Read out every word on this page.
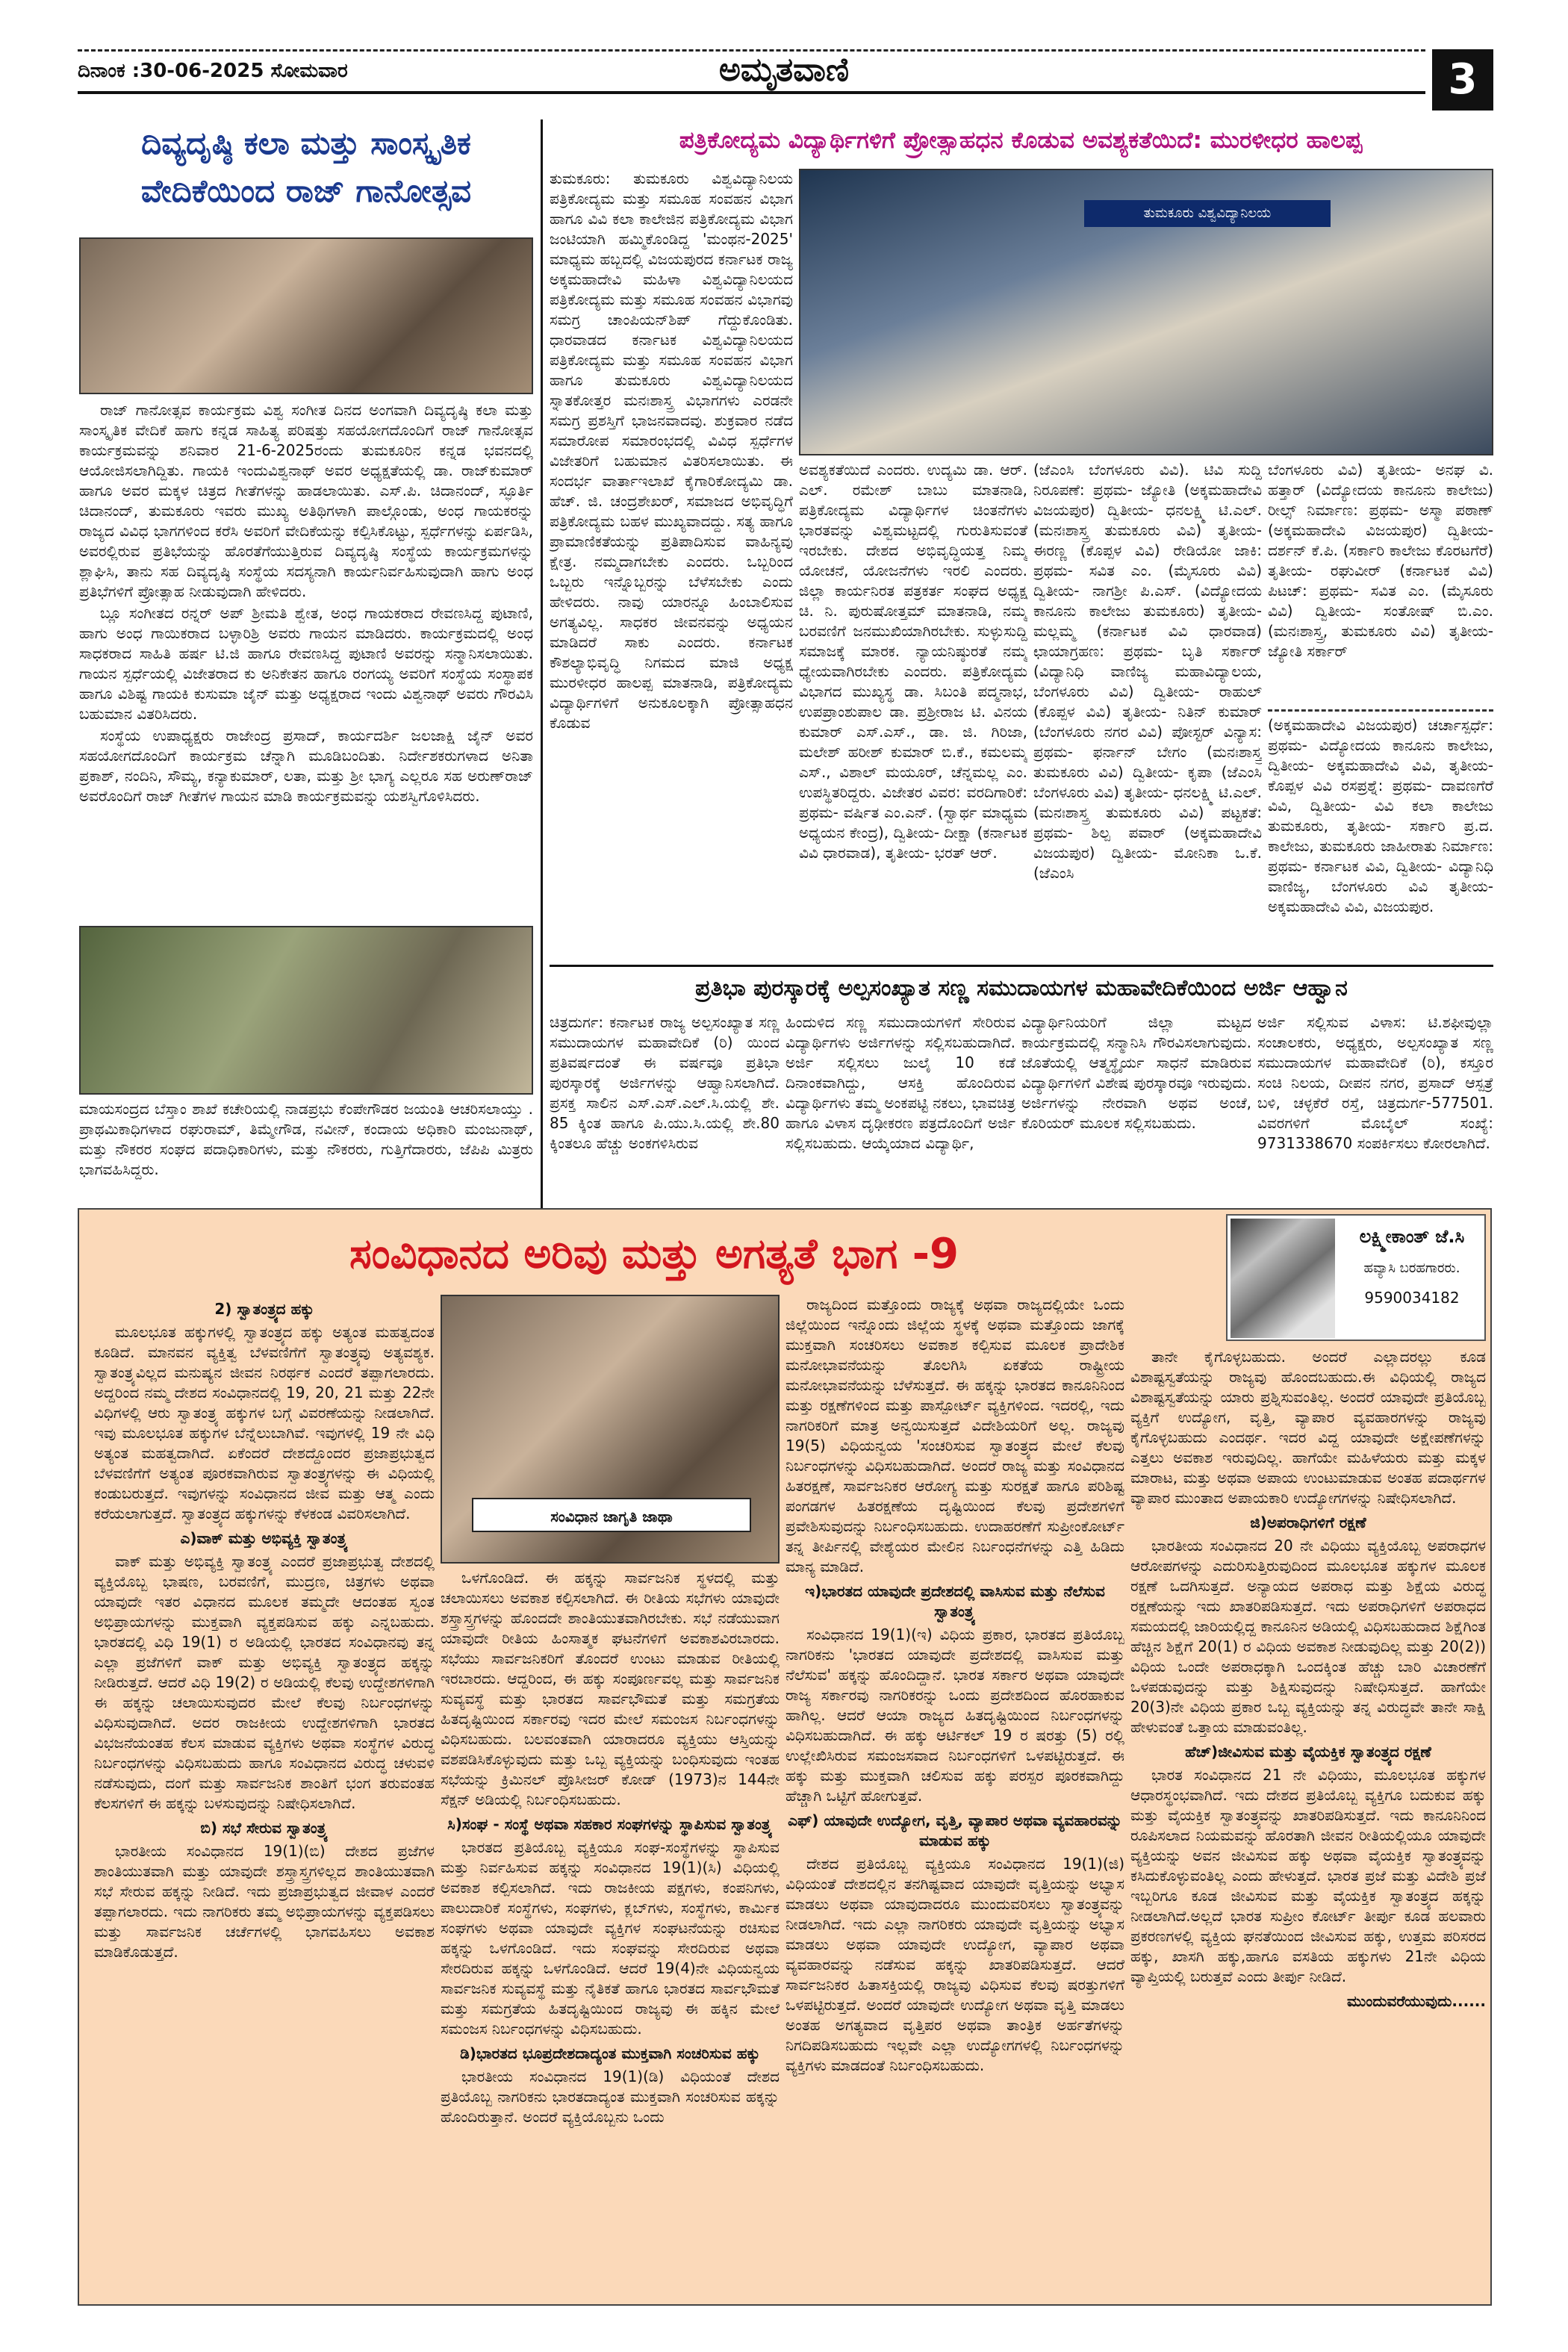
ದಿನಾಂಕ :30-06-2025 ಸೋಮವಾರ	ಅಮೃತವಾಣಿ	3
ದಿವ್ಯದೃಷ್ಠಿ ಕಲಾ ಮತ್ತು ಸಾಂಸ್ಕೃತಿಕ ವೇದಿಕೆಯಿಂದ ರಾಜ್ ಗಾನೋತ್ಸವ

ರಾಜ್ ಗಾನೋತ್ಸವ ಕಾರ್ಯಕ್ರಮ ವಿಶ್ವ ಸಂಗೀತ ದಿನದ ಅಂಗವಾಗಿ ದಿವ್ಯದೃಷ್ಠಿ ಕಲಾ ಮತ್ತು ಸಾಂಸ್ಕೃತಿಕ ವೇದಿಕೆ ಹಾಗು ಕನ್ನಡ ಸಾಹಿತ್ಯ ಪರಿಷತ್ತು ಸಹಯೋಗದೊಂದಿಗೆ ರಾಜ್ ಗಾನೋತ್ಸವ ಕಾರ್ಯಕ್ರಮವನ್ನು ಶನಿವಾರ 21-6-2025ರಂದು ತುಮಕೂರಿನ ಕನ್ನಡ ಭವನದಲ್ಲಿ ಆಯೋಜಿಸಲಾಗಿದ್ದಿತು. ಗಾಯಕಿ ಇಂದುವಿಶ್ವನಾಥ್ ಅವರ ಅಧ್ಯಕ್ಷತೆಯಲ್ಲಿ ಡಾ. ರಾಜ್‌ಕುಮಾರ್ ಹಾಗೂ ಅವರ ಮಕ್ಕಳ ಚಿತ್ರದ ಗೀತೆಗಳನ್ನು ಹಾಡಲಾಯಿತು. ಎಸ್.ಪಿ. ಚಿದಾನಂದ್, ಸ್ಫೂರ್ತಿ ಚಿದಾನಂದ್, ತುಮಕೂರು ಇವರು ಮುಖ್ಯ ಅತಿಥಿಗಳಾಗಿ ಪಾಲ್ಗೊಂಡು, ಅಂಧ ಗಾಯಕರನ್ನು ರಾಜ್ಯದ ವಿವಿಧ ಭಾಗಗಳಿಂದ ಕರೆಸಿ ಅವರಿಗೆ ವೇದಿಕೆಯನ್ನು ಕಲ್ಪಿಸಿಕೊಟ್ಟು, ಸ್ಪರ್ಧೆಗಳನ್ನು ಏರ್ಪಡಿಸಿ, ಅವರಲ್ಲಿರುವ ಪ್ರತಿಭೆಯನ್ನು ಹೊರತೆಗೆಯುತ್ತಿರುವ ದಿವ್ಯದೃಷ್ಠಿ ಸಂಸ್ಥೆಯ ಕಾರ್ಯಕ್ರಮಗಳನ್ನು ಶ್ಲಾಘಿಸಿ, ತಾನು ಸಹ ದಿವ್ಯದೃಷ್ಠಿ ಸಂಸ್ಥೆಯ ಸದಸ್ಯನಾಗಿ ಕಾರ್ಯನಿರ್ವಹಿಸುವುದಾಗಿ ಹಾಗು ಅಂಧ ಪ್ರತಿಭೆಗಳಿಗೆ ಪ್ರೋತ್ಸಾಹ ನೀಡುವುದಾಗಿ ಹೇಳಿದರು.

ಬ್ಲೂ ಸಂಗೀತದ ರನ್ನರ್ ಅಪ್ ಶ್ರೀಮತಿ ಶ್ವೇತ, ಅಂಧ ಗಾಯಕರಾದ ರೇವಣಸಿದ್ದ ಪುಟಾಣಿ, ಹಾಗು ಅಂಧ ಗಾಯಿಕರಾದ ಬಳ್ಳಾರಿಶ್ರಿ ಅವರು ಗಾಯನ ಮಾಡಿದರು. ಕಾರ್ಯಕ್ರಮದಲ್ಲಿ ಅಂಧ ಸಾಧಕರಾದ ಸಾಹಿತಿ ಹರ್ಷ ಟಿ.ಜಿ ಹಾಗೂ ರೇವಣಸಿದ್ದ ಪುಟಾಣಿ ಅವರನ್ನು ಸನ್ಮಾನಿಸಲಾಯಿತು. ಗಾಯನ ಸ್ಪರ್ಧೆಯಲ್ಲಿ ವಿಜೇತರಾದ ಕು ಅನಿಕೇತನ ಹಾಗೂ ರಂಗಯ್ಯ ಅವರಿಗೆ ಸಂಸ್ಥೆಯ ಸಂಸ್ಥಾಪಕ ಹಾಗೂ ವಿಶಿಷ್ಟ ಗಾಯಕಿ ಕುಸುಮಾ ಜೈನ್ ಮತ್ತು ಅಧ್ಯಕ್ಷರಾದ ಇಂದು ವಿಶ್ವನಾಥ್ ಅವರು ಗೌರವಿಸಿ ಬಹುಮಾನ ವಿತರಿಸಿದರು.

ಸಂಸ್ಥೆಯ ಉಪಾಧ್ಯಕ್ಷರು ರಾಜೇಂದ್ರ ಪ್ರಸಾದ್, ಕಾರ್ಯದರ್ಶಿ ಜಲಜಾಕ್ಷಿ ಜೈನ್ ಅವರ ಸಹಯೋಗದೊಂದಿಗೆ ಕಾರ್ಯಕ್ರಮ ಚೆನ್ನಾಗಿ ಮೂಡಿಬಂದಿತು. ನಿರ್ದೇಶಕರುಗಳಾದ ಅನಿತಾ ಪ್ರಕಾಶ್, ನಂದಿನಿ, ಸೌಮ್ಯ, ಕನ್ಯಾಕುಮಾರ್, ಲತಾ, ಮತ್ತು ಶ್ರೀ ಭಾಗ್ಯ ಎಲ್ಲರೂ ಸಹ ಅರುಣ್‌ರಾಜ್ ಅವರೊಂದಿಗೆ ರಾಜ್ ಗೀತೆಗಳ ಗಾಯನ ಮಾಡಿ ಕಾರ್ಯಕ್ರಮವನ್ನು ಯಶಸ್ವಿಗೊಳಿಸಿದರು.

ಮಾಯಸಂದ್ರದ ಬೆಸ್ತಾಂ ಶಾಖೆ ಕಚೇರಿಯಲ್ಲಿ ನಾಡಪ್ರಭು ಕೆಂಪೇಗೌಡರ ಜಯಂತಿ ಆಚರಿಸಲಾಯ್ತು . ಪ್ರಾಥಮಿಕಾಧಿಗಳಾದ ರಘುರಾಮ್, ತಿಮ್ಮೇಗೌಡ, ನವೀನ್, ಕಂದಾಯ ಅಧಿಕಾರಿ ಮಂಜುನಾಥ್, ಮತ್ತು ನೌಕರರ ಸಂಘದ ಪದಾಧಿಕಾರಿಗಳು, ಮತ್ತು ನೌಕರರು, ಗುತ್ತಿಗೆದಾರರು, ಜೆಪಿಪಿ ಮಿತ್ರರು ಭಾಗವಹಿಸಿದ್ದರು.
ಪತ್ರಿಕೋದ್ಯಮ ವಿದ್ಯಾರ್ಥಿಗಳಿಗೆ ಪ್ರೋತ್ಸಾಹಧನ ಕೊಡುವ ಅವಶ್ಯಕತೆಯಿದೆ: ಮುರಳೀಧರ ಹಾಲಪ್ಪ
ತುಮಕೂರು: ತುಮಕೂರು ವಿಶ್ವವಿದ್ಯಾನಿಲಯ ಪತ್ರಿಕೋದ್ಯಮ ಮತ್ತು ಸಮೂಹ ಸಂವಹನ ವಿಭಾಗ ಹಾಗೂ ವಿವಿ ಕಲಾ ಕಾಲೇಜಿನ ಪತ್ರಿಕೋದ್ಯಮ ವಿಭಾಗ ಜಂಟಿಯಾಗಿ ಹಮ್ಮಿಕೊಂಡಿದ್ದ 'ಮಂಥನ-2025' ಮಾಧ್ಯಮ ಹಬ್ಬದಲ್ಲಿ ವಿಜಯಪುರದ ಕರ್ನಾಟಕ ರಾಜ್ಯ ಅಕ್ಕಮಹಾದೇವಿ ಮಹಿಳಾ ವಿಶ್ವವಿದ್ಯಾನಿಲಯದ ಪತ್ರಿಕೋದ್ಯಮ ಮತ್ತು ಸಮೂಹ ಸಂವಹನ ವಿಭಾಗವು ಸಮಗ್ರ ಚಾಂಪಿಯನ್‌ಶಿಪ್ ಗೆದ್ದುಕೊಂಡಿತು. ಧಾರವಾಡದ ಕರ್ನಾಟಕ ವಿಶ್ವವಿದ್ಯಾನಿಲಯದ ಪತ್ರಿಕೋದ್ಯಮ ಮತ್ತು ಸಮೂಹ ಸಂವಹನ ವಿಭಾಗ ಹಾಗೂ ತುಮಕೂರು ವಿಶ್ವವಿದ್ಯಾನಿಲಯದ ಸ್ನಾತಕೋತ್ತರ ಮನಃಶಾಸ್ತ್ರ ವಿಭಾಗಗಳು ಎರಡನೇ ಸಮಗ್ರ ಪ್ರಶಸ್ತಿಗೆ ಭಾಜನವಾದವು. ಶುಕ್ರವಾರ ನಡೆದ ಸಮಾರೋಪ ಸಮಾರಂಭದಲ್ಲಿ ವಿವಿಧ ಸ್ಪರ್ಧೆಗಳ ವಿಜೇತರಿಗೆ ಬಹುಮಾನ ವಿತರಿಸಲಾಯಿತು. ಈ ಸಂದರ್ಭ ವಾರ್ತಾಇಲಾಖೆ ಕೈಗಾರಿಕೋದ್ಯಮಿ ಡಾ. ಹೆಚ್. ಜಿ. ಚಂದ್ರಶೇಖರ್, ಸಮಾಜದ ಅಭಿವೃದ್ಧಿಗೆ ಪತ್ರಿಕೋದ್ಯಮ ಬಹಳ ಮುಖ್ಯವಾದದ್ದು. ಸತ್ಯ ಹಾಗೂ ಪ್ರಾಮಾಣಿಕತೆಯನ್ನು ಪ್ರತಿಪಾದಿಸುವ ವಾಹಿನ್ಯವು ಕ್ಷೇತ್ರ. ನಮ್ಮದಾಗಬೇಕು ಎಂದರು. ಒಬ್ಬರಿಂದ ಒಬ್ಬರು ಇನ್ನೊಬ್ಬರನ್ನು ಬೆಳೆಸಬೇಕು ಎಂದು ಹೇಳಿದರು. ನಾವು ಯಾರನ್ನೂ ಹಿಂಬಾಲಿಸುವ ಅಗತ್ಯವಿಲ್ಲ. ಸಾಧಕರ ಜೀವನವನ್ನು ಅಧ್ಯಯನ ಮಾಡಿದರೆ ಸಾಕು ಎಂದರು. ಕರ್ನಾಟಕ ಕೌಶಲ್ಯಾಭಿವೃದ್ಧಿ ನಿಗಮದ ಮಾಜಿ ಅಧ್ಯಕ್ಷ ಮುರಳೀಧರ ಹಾಲಪ್ಪ ಮಾತನಾಡಿ, ಪತ್ರಿಕೋದ್ಯಮ ವಿದ್ಯಾರ್ಥಿಗಳಿಗೆ ಅನುಕೂಲಕ್ಕಾಗಿ ಪ್ರೋತ್ಸಾಹಧನ ಕೊಡುವ
ತುಮಕೂರು ವಿಶ್ವವಿದ್ಯಾನಿಲಯ
ಅವಶ್ಯಕತೆಯಿದೆ ಎಂದರು. ಉದ್ಯಮಿ ಡಾ. ಆರ್. ಎಲ್. ರಮೇಶ್ ಬಾಬು ಮಾತನಾಡಿ, ಪತ್ರಿಕೋದ್ಯಮ ವಿದ್ಯಾರ್ಥಿಗಳ ಚಿಂತನೆಗಳು ಭಾರತವನ್ನು ವಿಶ್ವಮಟ್ಟದಲ್ಲಿ ಗುರುತಿಸುವಂತೆ ಇರಬೇಕು. ದೇಶದ ಅಭಿವೃದ್ಧಿಯತ್ತ ನಿಮ್ಮ ಯೋಚನೆ, ಯೋಜನೆಗಳು ಇರಲಿ ಎಂದರು. ಜಿಲ್ಲಾ ಕಾರ್ಯನಿರತ ಪತ್ರಕರ್ತ ಸಂಘದ ಅಧ್ಯಕ್ಷ ಚಿ. ನಿ. ಪುರುಷೋತ್ತಮ್ ಮಾತನಾಡಿ, ನಮ್ಮ ಬರವಣಿಗೆ ಜನಮುಖಿಯಾಗಿರಬೇಕು. ಸುಳ್ಳುಸುದ್ದಿ ಸಮಾಜಕ್ಕೆ ಮಾರಕ. ನ್ಯಾಯನಿಷ್ಠುರತೆ ನಮ್ಮ ಧ್ಯೇಯವಾಗಿರಬೇಕು ಎಂದರು. ಪತ್ರಿಕೋದ್ಯಮ ವಿಭಾಗದ ಮುಖ್ಯಸ್ಥ ಡಾ. ಸಿಬಂತಿ ಪದ್ಮನಾಭ, ಉಪಪ್ರಾಂಶುಪಾಲ ಡಾ. ಪ್ರಶ್ರೀರಾಜ ಟಿ. ವಿನಯ ಕುಮಾರ್ ಎಸ್.ಎಸ್., ಡಾ. ಜಿ. ಗಿರಿಜಾ, ಮಲೇಶ್ ಹರೀಶ್ ಕುಮಾರ್ ಬಿ.ಕೆ., ಕಮಲಮ್ಮ ಎಸ್., ವಿಶಾಲ್ ಮಯೂರ್, ಚೆನ್ನಮಲ್ಲ ಎಂ. ಉಪಸ್ಥಿತರಿದ್ದರು. ವಿಜೇತರ ವಿವರ: ವರದಿಗಾರಿಕೆ: ಪ್ರಥಮ- ವರ್ಷಿತ ಎಂ.ಎನ್. (ಸ್ವಾರ್ಥ ಮಾಧ್ಯಮ ಅಧ್ಯಯನ ಕೇಂದ್ರ), ದ್ವಿತೀಯ- ದೀಕ್ಷಾ (ಕರ್ನಾಟಕ ವಿವಿ ಧಾರವಾಡ), ತೃತೀಯ- ಭರತ್ ಆರ್.
(ಜೆಎಂಸಿ ಬೆಂಗಳೂರು ವಿವಿ). ಟಿವಿ ಸುದ್ದಿ ನಿರೂಪಣೆ: ಪ್ರಥಮ- ಜ್ಯೋತಿ (ಅಕ್ಕಮಹಾದೇವಿ ವಿಜಯಪುರ) ದ್ವಿತೀಯ- ಧನಲಕ್ಷ್ಮಿ ಟಿ.ಎಲ್. (ಮನಃಶಾಸ್ತ್ರ ತುಮಕೂರು ವಿವಿ) ತೃತೀಯ- ಈರಣ್ಣ (ಕೊಪ್ಪಳ ವಿವಿ) ರೇಡಿಯೋ ಜಾಕಿ: ಪ್ರಥಮ- ಸವಿತ ಎಂ. (ಮೈಸೂರು ವಿವಿ) ದ್ವಿತೀಯ- ನಾಗಶ್ರೀ ಪಿ.ಎಸ್. (ವಿದ್ಯೋದಯ ಕಾನೂನು ಕಾಲೇಜು ತುಮಕೂರು) ತೃತೀಯ- ಮಲ್ಲಮ್ಮ (ಕರ್ನಾಟಕ ವಿವಿ ಧಾರವಾಡ) ಛಾಯಾಗ್ರಹಣ: ಪ್ರಥಮ- ಬೃತಿ ಸರ್ಕಾರ್ (ವಿದ್ಯಾನಿಧಿ ವಾಣಿಜ್ಯ ಮಹಾವಿದ್ಯಾಲಯ, ಬೆಂಗಳೂರು ವಿವಿ) ದ್ವಿತೀಯ- ರಾಹುಲ್ (ಕೊಪ್ಪಳ ವಿವಿ) ತೃತೀಯ- ನಿತಿನ್ ಕುಮಾರ್ (ಬೆಂಗಳೂರು ನಗರ ವಿವಿ) ಪೋಸ್ಟರ್ ವಿನ್ಯಾಸ: ಪ್ರಥಮ- ಫರ್ನಾನ್ ಬೇಗಂ (ಮನಃಶಾಸ್ತ್ರ ತುಮಕೂರು ವಿವಿ) ದ್ವಿತೀಯ- ಕೃಪಾ (ಜೆಎಂಸಿ ಬೆಂಗಳೂರು ವಿವಿ) ತೃತೀಯ- ಧನಲಕ್ಷ್ಮಿ ಟಿ.ಎಲ್. (ಮನಃಶಾಸ್ತ್ರ ತುಮಕೂರು ವಿವಿ) ಪಟ್ಟಕತೆ: ಪ್ರಥಮ- ಶಿಲ್ಪ ಪವಾರ್ (ಅಕ್ಕಮಹಾದೇವಿ ವಿಜಯಪುರ) ದ್ವಿತೀಯ- ಮೋನಿಕಾ ಒ.ಕೆ. (ಜೆಎಂಸಿ
ಬೆಂಗಳೂರು ವಿವಿ) ತೃತೀಯ- ಅನಘ ವಿ. ಹತ್ತಾರ್ (ವಿದ್ಯೋದಯ ಕಾನೂನು ಕಾಲೇಜು) ರೀಲ್ಸ್ ನಿರ್ಮಾಣ: ಪ್ರಥಮ- ಅಸ್ಮಾ ಪಠಾಣ್ (ಅಕ್ಕಮಹಾದೇವಿ ವಿಜಯಪುರ) ದ್ವಿತೀಯ- ದರ್ಶನ್ ಕೆ.ಪಿ. (ಸರ್ಕಾರಿ ಕಾಲೇಜು ಕೊರಟಗೆರೆ) ತೃತೀಯ- ರಘುವೀರ್ (ಕರ್ನಾಟಕ ವಿವಿ) ಪಿಟಚ್‌: ಪ್ರಥಮ- ಸವಿತ ಎಂ. (ಮೈಸೂರು ವಿವಿ) ದ್ವಿತೀಯ- ಸಂತೋಷ್ ಬಿ.ಎಂ. (ಮನಃಶಾಸ್ತ್ರ, ತುಮಕೂರು ವಿವಿ) ತೃತೀಯ- ಜ್ಯೋತಿ ಸರ್ಕಾರ್
(ಅಕ್ಕಮಹಾದೇವಿ ವಿಜಯಪುರ) ಚರ್ಚಾಸ್ಪರ್ಧೆ: ಪ್ರಥಮ- ವಿದ್ಯೋದಯ ಕಾನೂನು ಕಾಲೇಜು, ದ್ವಿತೀಯ- ಅಕ್ಕಮಹಾದೇವಿ ವಿವಿ, ತೃತೀಯ- ಕೊಪ್ಪಳ ವಿವಿ ರಸಪ್ರಶ್ನೆ: ಪ್ರಥಮ- ದಾವಣಗೆರೆ ವಿವಿ, ದ್ವಿತೀಯ- ವಿವಿ ಕಲಾ ಕಾಲೇಜು ತುಮಕೂರು, ತೃತೀಯ- ಸರ್ಕಾರಿ ಪ್ರ.ದ. ಕಾಲೇಜು, ತುಮಕೂರು ಜಾಹೀರಾತು ನಿರ್ಮಾಣ: ಪ್ರಥಮ- ಕರ್ನಾಟಕ ವಿವಿ, ದ್ವಿತೀಯ- ವಿದ್ಯಾನಿಧಿ ವಾಣಿಜ್ಯ, ಬೆಂಗಳೂರು ವಿವಿ ತೃತೀಯ- ಅಕ್ಕಮಹಾದೇವಿ ವಿವಿ, ವಿಜಯಪುರ.
ಪ್ರತಿಭಾ ಪುರಸ್ಕಾರಕ್ಕೆ ಅಲ್ಪಸಂಖ್ಯಾತ ಸಣ್ಣ ಸಮುದಾಯಗಳ ಮಹಾವೇದಿಕೆಯಿಂದ ಅರ್ಜಿ ಆಹ್ವಾನ
ಚಿತ್ರದುರ್ಗ: ಕರ್ನಾಟಕ ರಾಜ್ಯ ಅಲ್ಪಸಂಖ್ಯಾತ ಸಣ್ಣ ಸಮುದಾಯಗಳ ಮಹಾವೇದಿಕೆ (ರಿ) ಯಿಂದ ಪ್ರತಿವರ್ಷದಂತೆ ಈ ವರ್ಷವೂ ಪ್ರತಿಭಾ ಪುರಸ್ಕಾರಕ್ಕೆ ಅರ್ಜಿಗಳನ್ನು ಆಹ್ವಾನಿಸಲಾಗಿದೆ. ಪ್ರಸಕ್ತ ಸಾಲಿನ ಎಸ್.ಎಸ್.ಎಲ್.ಸಿ.ಯಲ್ಲಿ ಶೇ. 85 ಕ್ಕಿಂತ ಹಾಗೂ ಪಿ.ಯು.ಸಿ.ಯಲ್ಲಿ ಶೇ.80 ಕ್ಕಿಂತಲೂ ಹೆಚ್ಚು ಅಂಕಗಳಿಸಿರುವ
ಹಿಂದುಳಿದ ಸಣ್ಣ ಸಮುದಾಯಗಳಿಗೆ ಸೇರಿರುವ ವಿದ್ಯಾರ್ಥಿಗಳು ಅರ್ಜಿಗಳನ್ನು ಸಲ್ಲಿಸಬಹುದಾಗಿದೆ. ಅರ್ಜಿ ಸಲ್ಲಿಸಲು ಜುಲೈ 10 ಕಡೆ ದಿನಾಂಕವಾಗಿದ್ದು, ಆಸಕ್ತಿ ಹೊಂದಿರುವ ವಿದ್ಯಾರ್ಥಿಗಳು ತಮ್ಮ ಅಂಕಪಟ್ಟಿ ನಕಲು, ಭಾವಚಿತ್ರ ಹಾಗೂ ವಿಳಾಸ ದೃಢೀಕರಣ ಪತ್ರದೊಂದಿಗೆ ಅರ್ಜಿ ಸಲ್ಲಿಸಬಹುದು. ಆಯ್ಕೆಯಾದ ವಿದ್ಯಾರ್ಥಿ,
ವಿದ್ಯಾರ್ಥಿನಿಯರಿಗೆ ಜಿಲ್ಲಾ ಮಟ್ಟದ ಕಾರ್ಯಕ್ರಮದಲ್ಲಿ ಸನ್ಮಾನಿಸಿ ಗೌರವಿಸಲಾಗುವುದು. ಜೊತೆಯಲ್ಲಿ ಆತ್ಮಸ್ಥೈರ್ಯ ಸಾಧನೆ ಮಾಡಿರುವ ವಿದ್ಯಾರ್ಥಿಗಳಿಗೆ ವಿಶೇಷ ಪುರಸ್ಕಾರವೂ ಇರುವುದು. ಅರ್ಜಿಗಳನ್ನು ನೇರವಾಗಿ ಅಥವ ಅಂಚೆ, ಕೊರಿಯರ್ ಮೂಲಕ ಸಲ್ಲಿಸಬಹುದು.
ಅರ್ಜಿ ಸಲ್ಲಿಸುವ ವಿಳಾಸ: ಟಿ.ಶಫೀವುಲ್ಲಾ ಸಂಚಾಲಕರು, ಅಧ್ಯಕ್ಷರು, ಅಲ್ಪಸಂಖ್ಯಾತ ಸಣ್ಣ ಸಮುದಾಯಗಳ ಮಹಾವೇದಿಕೆ (ರಿ), ಕಸ್ತೂರ ಸಂಚಿ ನಿಲಯ, ದೀಪನ ನಗರ, ಪ್ರಸಾದ್ ಆಸ್ಪತ್ರೆ ಬಳಿ, ಚಳ್ಳಕೆರೆ ರಸ್ತೆ, ಚಿತ್ರದುರ್ಗ-577501. ವಿವರಗಳಿಗೆ ಮೊಬೈಲ್ ಸಂಖ್ಯೆ: 9731338670 ಸಂಪರ್ಕಿಸಲು ಕೋರಲಾಗಿದೆ.
ಸಂವಿಧಾನದ ಅರಿವು ಮತ್ತು ಅಗತ್ಯತೆ ಭಾಗ -9	ಲಕ್ಷ್ಮೀಕಾಂತ್ ಜೆ.ಸಿ
ಹವ್ಯಾಸಿ ಬರಹಗಾರರು.
9590034182
2) ಸ್ವಾತಂತ್ರ್ಯದ ಹಕ್ಕು

ಮೂಲಭೂತ ಹಕ್ಕುಗಳಲ್ಲಿ ಸ್ವಾತಂತ್ರ್ಯದ ಹಕ್ಕು ಅತ್ಯಂತ ಮಹತ್ವದಂತ ಕೂಡಿದೆ. ಮಾನವನ ವ್ಯಕ್ತಿತ್ವ ಬೆಳವಣಿಗೆಗೆ ಸ್ವಾತಂತ್ರ್ಯವು ಅತ್ಯವಶ್ಯಕ. ಸ್ವಾತಂತ್ರ್ಯವಿಲ್ಲದ ಮನುಷ್ಯನ ಜೀವನ ನಿರರ್ಥಕ ಎಂದರೆ ತಪ್ಪಾಗಲಾರದು. ಅದ್ದರಿಂದ ನಮ್ಮ ದೇಶದ ಸಂವಿಧಾನದಲ್ಲಿ 19, 20, 21 ಮತ್ತು 22ನೇ ವಿಧಿಗಳಲ್ಲಿ ಆರು ಸ್ವಾತಂತ್ರ್ಯ ಹಕ್ಕುಗಳ ಬಗ್ಗೆ ವಿವರಣೆಯನ್ನು ನೀಡಲಾಗಿದೆ. ಇವು ಮೂಲಭೂತ ಹಕ್ಕುಗಳ ಬೆನ್ನೆಲುಬಾಗಿವೆ. ಇವುಗಳಲ್ಲಿ 19 ನೇ ವಿಧಿ ಅತ್ಯಂತ ಮಹತ್ವದಾಗಿದೆ. ಏಕೆಂದರೆ ದೇಶದ್ದೊಂದರ ಪ್ರಜಾಪ್ರಭುತ್ವದ ಬೆಳವಣಿಗೆಗೆ ಅತ್ಯಂತ ಪೂರಕವಾಗಿರುವ ಸ್ವಾತಂತ್ರ್ಯಗಳನ್ನು ಈ ವಿಧಿಯಲ್ಲಿ ಕಂಡುಬರುತ್ತದೆ. ಇವುಗಳನ್ನು ಸಂವಿಧಾನದ ಜೀವ ಮತ್ತು ಆತ್ಮ ಎಂದು ಕರೆಯಲಾಗುತ್ತದೆ. ಸ್ವಾತಂತ್ರ್ಯದ ಹಕ್ಕುಗಳನ್ನು ಕೆಳಕಂಡ ವಿವರಿಸಲಾಗಿದೆ.

ಎ)ವಾಕ್ ಮತ್ತು ಅಭಿವ್ಯಕ್ತಿ ಸ್ವಾತಂತ್ರ್ಯ

ವಾಕ್ ಮತ್ತು ಅಭಿವ್ಯಕ್ತಿ ಸ್ವಾತಂತ್ರ್ಯ ಎಂದರೆ ಪ್ರಜಾಪ್ರಭುತ್ವ ದೇಶದಲ್ಲಿ ವ್ಯಕ್ತಿಯೊಬ್ಬ ಭಾಷಣ, ಬರವಣಿಗೆ, ಮುದ್ರಣ, ಚಿತ್ರಗಳು ಅಥವಾ ಯಾವುದೇ ಇತರ ವಿಧಾನದ ಮೂಲಕ ತಮ್ಮದೇ ಆದಂತಹ ಸ್ವಂತ ಅಭಿಪ್ರಾಯಗಳನ್ನು ಮುಕ್ತವಾಗಿ ವ್ಯಕ್ತಪಡಿಸುವ ಹಕ್ಕು ಎನ್ನಬಹುದು. ಭಾರತದಲ್ಲಿ ವಿಧಿ 19(1) ರ ಅಡಿಯಲ್ಲಿ ಭಾರತದ ಸಂವಿಧಾನವು ತನ್ನ ಎಲ್ಲಾ ಪ್ರಜೆಗಳಿಗೆ ವಾಕ್ ಮತ್ತು ಅಭಿವ್ಯಕ್ತಿ ಸ್ವಾತಂತ್ರ್ಯದ ಹಕ್ಕನ್ನು ನೀಡಿರುತ್ತದೆ. ಆದರೆ ವಿಧಿ 19(2) ರ ಅಡಿಯಲ್ಲಿ ಕೆಲವು ಉದ್ದೇಶಗಳಿಗಾಗಿ ಈ ಹಕ್ಕನ್ನು ಚಲಾಯಿಸುವುದರ ಮೇಲೆ ಕೆಲವು ನಿರ್ಬಂಧಗಳನ್ನು ವಿಧಿಸುವುದಾಗಿದೆ. ಅದರ ರಾಜಕೀಯ ಉದ್ದೇಶಗಳಿಗಾಗಿ ಭಾರತದ ವಿಭಜನೆಯಂತಹ ಕೆಲಸ ಮಾಡುವ ವ್ಯಕ್ತಿಗಳು ಅಥವಾ ಸಂಸ್ಥೆಗಳ ವಿರುದ್ಧ ನಿರ್ಬಂಧಗಳನ್ನು ವಿಧಿಸಬಹುದು ಹಾಗೂ ಸಂವಿಧಾನದ ವಿರುದ್ಧ ಚಳುವಳಿ ನಡೆಸುವುದು, ದಂಗೆ ಮತ್ತು ಸಾರ್ವಜನಿಕ ಶಾಂತಿಗೆ ಭಂಗ ತರುವಂತಹ ಕೆಲಸಗಳಿಗೆ ಈ ಹಕ್ಕನ್ನು ಬಳಸುವುದನ್ನು ನಿಷೇಧಿಸಲಾಗಿದೆ.

ಬಿ) ಸಭೆ ಸೇರುವ ಸ್ವಾತಂತ್ರ್ಯ

ಭಾರತೀಯ ಸಂವಿಧಾನದ 19(1)(ಬಿ) ದೇಶದ ಪ್ರಜೆಗಳ ಶಾಂತಿಯುತವಾಗಿ ಮತ್ತು ಯಾವುದೇ ಶಸ್ತ್ರಾಸ್ತ್ರಗಳಿಲ್ಲದ ಶಾಂತಿಯುತವಾಗಿ ಸಭೆ ಸೇರುವ ಹಕ್ಕನ್ನು ನೀಡಿದೆ. ಇದು ಪ್ರಜಾಪ್ರಭುತ್ವದ ಜೀವಾಳ ಎಂದರೆ ತಪ್ಪಾಗಲಾರದು. ಇದು ನಾಗರಿಕರು ತಮ್ಮ ಅಭಿಪ್ರಾಯಗಳನ್ನು ವ್ಯಕ್ತಪಡಿಸಲು ಮತ್ತು ಸಾರ್ವಜನಿಕ ಚರ್ಚೆಗಳಲ್ಲಿ ಭಾಗವಹಿಸಲು ಅವಕಾಶ ಮಾಡಿಕೊಡುತ್ತದೆ.

ಸಂವಿಧಾನ ಜಾಗೃತಿ ಜಾಥಾ

ಒಳಗೊಂಡಿದೆ. ಈ ಹಕ್ಕನ್ನು ಸಾರ್ವಜನಿಕ ಸ್ಥಳದಲ್ಲಿ ಮತ್ತು ಚಲಾಯಿಸಲು ಅವಕಾಶ ಕಲ್ಪಿಸಲಾಗಿದೆ. ಈ ರೀತಿಯ ಸಭೆಗಳು ಯಾವುದೇ ಶಸ್ತ್ರಾಸ್ತ್ರಗಳನ್ನು ಹೊಂದದೇ ಶಾಂತಿಯುತವಾಗಿರಬೇಕು. ಸಭೆ ನಡೆಯುವಾಗ ಯಾವುದೇ ರೀತಿಯ ಹಿಂಸಾತ್ಮಕ ಘಟನೆಗಳಿಗೆ ಅವಕಾಶವಿರಬಾರದು. ಸಭೆಯು ಸಾರ್ವಜನಿಕರಿಗೆ ತೊಂದರೆ ಉಂಟು ಮಾಡುವ ರೀತಿಯಲ್ಲಿ ಇರಬಾರದು. ಆದ್ದರಿಂದ, ಈ ಹಕ್ಕು ಸಂಪೂರ್ಣವಲ್ಲ ಮತ್ತು ಸಾರ್ವಜನಿಕ ಸುವ್ಯವಸ್ಥೆ ಮತ್ತು ಭಾರತದ ಸಾರ್ವಭೌಮತೆ ಮತ್ತು ಸಮಗ್ರತೆಯ ಹಿತದೃಷ್ಟಿಯಿಂದ ಸರ್ಕಾರವು ಇದರ ಮೇಲೆ ಸಮಂಜಸ ನಿರ್ಬಂಧಗಳನ್ನು ವಿಧಿಸಬಹುದು. ಬಲವಂತವಾಗಿ ಯಾರಾದರೂ ವ್ಯಕ್ತಿಯು ಆಸ್ತಿಯನ್ನು ವಶಪಡಿಸಿಕೊಳ್ಳುವುದು ಮತ್ತು ಒಬ್ಬ ವ್ಯಕ್ತಿಯನ್ನು ಬಂಧಿಸುವುದು ಇಂತಹ ಸಭೆಯನ್ನು ಕ್ರಿಮಿನಲ್ ಪ್ರೊಸೀಜರ್ ಕೋಡ್ (1973)ನ 144ನೇ ಸೆಕ್ಷನ್ ಅಡಿಯಲ್ಲಿ ನಿರ್ಬಂಧಿಸಬಹುದು.

ಸಿ)ಸಂಘ - ಸಂಸ್ಥೆ ಅಥವಾ ಸಹಕಾರ ಸಂಘಗಳನ್ನು ಸ್ಥಾಪಿಸುವ ಸ್ವಾತಂತ್ರ್ಯ

ಭಾರತದ ಪ್ರತಿಯೊಬ್ಬ ವ್ಯಕ್ತಿಯೂ ಸಂಘ-ಸಂಸ್ಥೆಗಳನ್ನು ಸ್ಥಾಪಿಸುವ ಮತ್ತು ನಿರ್ವಹಿಸುವ ಹಕ್ಕನ್ನು ಸಂವಿಧಾನದ 19(1)(ಸಿ) ವಿಧಿಯಲ್ಲಿ ಅವಕಾಶ ಕಲ್ಪಿಸಲಾಗಿದೆ. ಇದು ರಾಜಕೀಯ ಪಕ್ಷಗಳು, ಕಂಪನಿಗಳು, ಪಾಲುದಾರಿಕೆ ಸಂಸ್ಥೆಗಳು, ಸಂಘಗಳು, ಕ್ಲಬ್‌ಗಳು, ಸಂಸ್ಥೆಗಳು, ಕಾರ್ಮಿಕ ಸಂಘಗಳು ಅಥವಾ ಯಾವುದೇ ವ್ಯಕ್ತಿಗಳ ಸಂಘಟನೆಯನ್ನು ರಚಿಸುವ ಹಕ್ಕನ್ನು ಒಳಗೊಂಡಿದೆ. ಇದು ಸಂಘವನ್ನು ಸೇರದಿರುವ ಅಥವಾ ಸೇರದಿರುವ ಹಕ್ಕನ್ನು ಒಳಗೊಂಡಿದೆ. ಆದರೆ 19(4)ನೇ ವಿಧಿಯನ್ವಯ ಸಾರ್ವಜನಿಕ ಸುವ್ಯವಸ್ಥೆ ಮತ್ತು ನೈತಿಕತೆ ಹಾಗೂ ಭಾರತದ ಸಾರ್ವಭೌಮತೆ ಮತ್ತು ಸಮಗ್ರತೆಯ ಹಿತದೃಷ್ಟಿಯಿಂದ ರಾಜ್ಯವು ಈ ಹಕ್ಕಿನ ಮೇಲೆ ಸಮಂಜಸ ನಿರ್ಬಂಧಗಳನ್ನು ವಿಧಿಸಬಹುದು.

ಡಿ)ಭಾರತದ ಭೂಪ್ರದೇಶದಾದ್ಯಂತ ಮುಕ್ತವಾಗಿ ಸಂಚರಿಸುವ ಹಕ್ಕು

ಭಾರತೀಯ ಸಂವಿಧಾನದ 19(1)(ಡಿ) ವಿಧಿಯಂತೆ ದೇಶದ ಪ್ರತಿಯೊಬ್ಬ ನಾಗರಿಕನು ಭಾರತದಾದ್ಯಂತ ಮುಕ್ತವಾಗಿ ಸಂಚರಿಸುವ ಹಕ್ಕನ್ನು ಹೊಂದಿರುತ್ತಾನೆ. ಅಂದರೆ ವ್ಯಕ್ತಿಯೊಬ್ಬನು ಒಂದು

ರಾಜ್ಯದಿಂದ ಮತ್ತೊಂದು ರಾಜ್ಯಕ್ಕೆ ಅಥವಾ ರಾಜ್ಯದಲ್ಲಿಯೇ ಒಂದು ಜಿಲ್ಲೆಯಿಂದ ಇನ್ನೊಂದು ಜಿಲ್ಲೆಯ ಸ್ಥಳಕ್ಕೆ ಅಥವಾ ಮತ್ತೊಂದು ಜಾಗಕ್ಕೆ ಮುಕ್ತವಾಗಿ ಸಂಚರಿಸಲು ಅವಕಾಶ ಕಲ್ಪಿಸುವ ಮೂಲಕ ಪ್ರಾದೇಶಿಕ ಮನೋಭಾವನೆಯನ್ನು ತೊಲಗಿಸಿ ಏಕತೆಯ ರಾಷ್ಟ್ರೀಯ ಮನೋಭಾವನೆಯನ್ನು ಬೆಳೆಸುತ್ತದೆ. ಈ ಹಕ್ಕನ್ನು ಭಾರತದ ಕಾನೂನಿನಿಂದ ಮತ್ತು ರಕ್ಷಣೆಗಳಿಂದ ಮತ್ತು ಪಾಸ್ಪೋರ್ಟ್ ವ್ಯಕ್ತಿಗಳಿಂದ. ಇದರಲ್ಲಿ, ಇದು ನಾಗರಿಕರಿಗೆ ಮಾತ್ರ ಅನ್ವಯಿಸುತ್ತದೆ ವಿದೇಶಿಯರಿಗೆ ಅಲ್ಲ. ರಾಜ್ಯವು 19(5) ವಿಧಿಯನ್ವಯ 'ಸಂಚರಿಸುವ ಸ್ವಾತಂತ್ರ್ಯದ ಮೇಲೆ ಕೆಲವು ನಿರ್ಬಂಧಗಳನ್ನು ವಿಧಿಸಬಹುದಾಗಿದೆ. ಅಂದರೆ ರಾಜ್ಯ ಮತ್ತು ಸಂವಿಧಾನದ ಹಿತರಕ್ಷಣೆ, ಸಾರ್ವಜನಿಕರ ಆರೋಗ್ಯ ಮತ್ತು ಸುರಕ್ಷತೆ ಹಾಗೂ ಪರಿಶಿಷ್ಟ ಪಂಗಡಗಳ ಹಿತರಕ್ಷಣೆಯ ದೃಷ್ಟಿಯಿಂದ ಕೆಲವು ಪ್ರದೇಶಗಳಿಗೆ ಪ್ರವೇಶಿಸುವುದನ್ನು ನಿರ್ಬಂಧಿಸಬಹುದು. ಉದಾಹರಣೆಗೆ ಸುಪ್ರೀಂಕೋರ್ಟ್ ತನ್ನ ತೀರ್ಪಿನಲ್ಲಿ ವೇಶ್ಯೆಯರ ಮೇಲಿನ ನಿರ್ಬಂಧನೆಗಳನ್ನು ಎತ್ತಿ ಹಿಡಿದು ಮಾನ್ಯ ಮಾಡಿದೆ.

ಇ)ಭಾರತದ ಯಾವುದೇ ಪ್ರದೇಶದಲ್ಲಿ ವಾಸಿಸುವ ಮತ್ತು ನೆಲೆಸುವ ಸ್ವಾತಂತ್ರ್ಯ

ಸಂವಿಧಾನದ 19(1)(ಇ) ವಿಧಿಯ ಪ್ರಕಾರ, ಭಾರತದ ಪ್ರತಿಯೊಬ್ಬ ನಾಗರಿಕನು 'ಭಾರತದ ಯಾವುದೇ ಪ್ರದೇಶದಲ್ಲಿ ವಾಸಿಸುವ ಮತ್ತು ನೆಲೆಸುವ' ಹಕ್ಕನ್ನು ಹೊಂದಿದ್ದಾನೆ. ಭಾರತ ಸರ್ಕಾರ ಅಥವಾ ಯಾವುದೇ ರಾಜ್ಯ ಸರ್ಕಾರವು ನಾಗರಿಕರನ್ನು ಒಂದು ಪ್ರದೇಶದಿಂದ ಹೊರಹಾಕುವ ಹಾಗಿಲ್ಲ. ಆದರೆ ಆಯಾ ರಾಜ್ಯದ ಹಿತದೃಷ್ಟಿಯಿಂದ ನಿರ್ಬಂಧಗಳನ್ನು ವಿಧಿಸಬಹುದಾಗಿದೆ. ಈ ಹಕ್ಕು ಆರ್ಟಿಕಲ್ 19 ರ ಷರತ್ತು (5) ರಲ್ಲಿ ಉಲ್ಲೇಖಿಸಿರುವ ಸಮಂಜಸವಾದ ನಿರ್ಬಂಧಗಳಿಗೆ ಒಳಪಟ್ಟಿರುತ್ತದೆ. ಈ ಹಕ್ಕು ಮತ್ತು ಮುಕ್ತವಾಗಿ ಚಲಿಸುವ ಹಕ್ಕು ಪರಸ್ಪರ ಪೂರಕವಾಗಿದ್ದು ಹೆಚ್ಚಾಗಿ ಒಟ್ಟಿಗೆ ಹೋಗುತ್ತವೆ.

ಎಫ್) ಯಾವುದೇ ಉದ್ಯೋಗ, ವೃತ್ತಿ, ವ್ಯಾಪಾರ ಅಥವಾ ವ್ಯವಹಾರವನ್ನು ಮಾಡುವ ಹಕ್ಕು

ದೇಶದ ಪ್ರತಿಯೊಬ್ಬ ವ್ಯಕ್ತಿಯೂ ಸಂವಿಧಾನದ 19(1)(ಜಿ) ವಿಧಿಯಂತೆ ದೇಶದಲ್ಲಿನ ತನಗಿಷ್ಟವಾದ ಯಾವುದೇ ವೃತ್ತಿಯನ್ನು ಅಭ್ಯಾಸ ಮಾಡಲು ಅಥವಾ ಯಾವುದಾದರೂ ಮುಂದುವರಿಸಲು ಸ್ವಾತಂತ್ರ್ಯವನ್ನು ನೀಡಲಾಗಿದೆ. ಇದು ಎಲ್ಲಾ ನಾಗರಿಕರು ಯಾವುದೇ ವೃತ್ತಿಯನ್ನು ಅಭ್ಯಾಸ ಮಾಡಲು ಅಥವಾ ಯಾವುದೇ ಉದ್ಯೋಗ, ವ್ಯಾಪಾರ ಅಥವಾ ವ್ಯವಹಾರವನ್ನು ನಡೆಸುವ ಹಕ್ಕನ್ನು ಖಾತರಿಪಡಿಸುತ್ತದೆ. ಆದರೆ ಸಾರ್ವಜನಿಕರ ಹಿತಾಸಕ್ತಿಯಲ್ಲಿ ರಾಜ್ಯವು ವಿಧಿಸುವ ಕೆಲವು ಷರತ್ತುಗಳಿಗೆ ಒಳಪಟ್ಟಿರುತ್ತದೆ. ಅಂದರೆ ಯಾವುದೇ ಉದ್ಯೋಗ ಅಥವಾ ವೃತ್ತಿ ಮಾಡಲು ಅಂತಹ ಅಗತ್ಯವಾದ ವೃತ್ತಿಪರ ಅಥವಾ ತಾಂತ್ರಿಕ ಅರ್ಹತೆಗಳನ್ನು ನಿಗದಿಪಡಿಸಬಹುದು ಇಲ್ಲವೇ ಎಲ್ಲಾ ಉದ್ಯೋಗಗಳಲ್ಲಿ ನಿರ್ಬಂಧಗಳನ್ನು ವ್ಯಕ್ತಿಗಳು ಮಾಡದಂತೆ ನಿರ್ಬಂಧಿಸಬಹುದು.

ತಾನೇ ಕೈಗೊಳ್ಳಬಹುದು. ಅಂದರೆ ಎಲ್ಲಾದರಲ್ಲು ಕೂಡ ವಿಶಾಷ್ಟಸ್ವತೆಯನ್ನು ರಾಜ್ಯವು ಹೊಂದಬಹುದು.ಈ ವಿಧಿಯಲ್ಲಿ ರಾಜ್ಯದ ವಿಶಾಷ್ಟಸ್ವತೆಯನ್ನು ಯಾರು ಪ್ರಶ್ನಿಸುವಂತಿಲ್ಲ. ಅಂದರೆ ಯಾವುದೇ ಪ್ರತಿಯೊಬ್ಬ ವ್ಯಕ್ತಿಗೆ ಉದ್ಯೋಗ, ವೃತ್ತಿ, ವ್ಯಾಪಾರ ವ್ಯವಹಾರಗಳನ್ನು ರಾಜ್ಯವು ಕೈಗೊಳ್ಳಬಹುದು ಎಂದರ್ಥ. ಇದರ ವಿದ್ದ ಯಾವುದೇ ಅಕ್ಷೇಪಣೆಗಳನ್ನು ಎತ್ತಲು ಅವಕಾಶ ಇರುವುದಿಲ್ಲ. ಹಾಗೆಯೇ ಮಹಿಳೆಯರು ಮತ್ತು ಮಕ್ಕಳ ಮಾರಾಟ, ಮತ್ತು ಅಥವಾ ಅಪಾಯ ಉಂಟುಮಾಡುವ ಅಂತಹ ಪದಾರ್ಥಗಳ ವ್ಯಾಪಾರ ಮುಂತಾದ ಅಪಾಯಕಾರಿ ಉದ್ಯೋಗಗಳನ್ನು ನಿಷೇಧಿಸಲಾಗಿದೆ.

ಜಿ)ಅಪರಾಧಿಗಳಿಗೆ ರಕ್ಷಣೆ

ಭಾರತೀಯ ಸಂವಿಧಾನದ 20 ನೇ ವಿಧಿಯು ವ್ಯಕ್ತಿಯೊಬ್ಬ ಅಪರಾಧಗಳ ಆರೋಪಗಳನ್ನು ಎದುರಿಸುತ್ತಿರುವುದಿಂದ ಮೂಲಭೂತ ಹಕ್ಕುಗಳ ಮೂಲಕ ರಕ್ಷಣೆ ಒದಗಿಸುತ್ತದೆ. ಅನ್ಯಾಯದ ಅಪರಾಧ ಮತ್ತು ಶಿಕ್ಷೆಯ ವಿರುದ್ಧ ರಕ್ಷಣೆಯನ್ನು ಇದು ಖಾತರಿಪಡಿಸುತ್ತದೆ. ಇದು ಅಪರಾಧಿಗಳಿಗೆ ಅಪರಾಧದ ಸಮಯದಲ್ಲಿ ಜಾರಿಯಲ್ಲಿದ್ದ ಕಾನೂನಿನ ಅಡಿಯಲ್ಲಿ ವಿಧಿಸಬಹುದಾದ ಶಿಕ್ಷೆಗಿಂತ ಹೆಚ್ಚಿನ ಶಿಕ್ಷೆಗೆ 20(1) ರ ವಿಧಿಯ ಅವಕಾಶ ನೀಡುವುದಿಲ್ಲ ಮತ್ತು 20(2)) ವಿಧಿಯ ಒಂದೇ ಅಪರಾಧಕ್ಕಾಗಿ ಒಂದಕ್ಕಿಂತ ಹೆಚ್ಚು ಬಾರಿ ವಿಚಾರಣೆಗೆ ಒಳಪಡುವುದನ್ನು ಮತ್ತು ಶಿಕ್ಷಿಸುವುದನ್ನು ನಿಷೇಧಿಸುತ್ತದೆ. ಹಾಗೆಯೇ 20(3)ನೇ ವಿಧಿಯ ಪ್ರಕಾರ ಒಬ್ಬ ವ್ಯಕ್ತಿಯನ್ನು ತನ್ನ ವಿರುದ್ಧವೇ ತಾನೇ ಸಾಕ್ಷಿ ಹೇಳುವಂತೆ ಒತ್ತಾಯ ಮಾಡುವಂತಿಲ್ಲ.

ಹೆಚ್)ಜೀವಿಸುವ ಮತ್ತು ವೈಯಕ್ತಿಕ ಸ್ವಾತಂತ್ರ್ಯದ ರಕ್ಷಣೆ

ಭಾರತ ಸಂವಿಧಾನದ 21 ನೇ ವಿಧಿಯು, ಮೂಲಭೂತ ಹಕ್ಕುಗಳ ಆಧಾರಸ್ಥಂಭವಾಗಿದೆ. ಇದು ದೇಶದ ಪ್ರತಿಯೊಬ್ಬ ವ್ಯಕ್ತಿಗೂ ಬದುಕುವ ಹಕ್ಕು ಮತ್ತು ವೈಯಕ್ತಿಕ ಸ್ವಾತಂತ್ರ್ಯವನ್ನು ಖಾತರಿಪಡಿಸುತ್ತದೆ. ಇದು ಕಾನೂನಿನಿಂದ ರೂಪಿಸಲಾದ ನಿಯಮವನ್ನು ಹೊರತಾಗಿ ಜೀವನ ರೀತಿಯಲ್ಲಿಯೂ ಯಾವುದೇ ವ್ಯಕ್ತಿಯನ್ನು ಅವನ ಜೀವಿಸುವ ಹಕ್ಕು ಅಥವಾ ವೈಯಕ್ತಿಕ ಸ್ವಾತಂತ್ರ್ಯವನ್ನು ಕಸಿದುಕೊಳ್ಳುವಂತಿಲ್ಲ ಎಂದು ಹೇಳುತ್ತದೆ. ಭಾರತ ಪ್ರಜೆ ಮತ್ತು ವಿದೇಶಿ ಪ್ರಜೆ ಇಬ್ಬರಿಗೂ ಕೂಡ ಜೀವಿಸುವ ಮತ್ತು ವೈಯಕ್ತಿಕ ಸ್ವಾತಂತ್ರ್ಯದ ಹಕ್ಕನ್ನು ನೀಡಲಾಗಿದೆ.ಅಲ್ಲದೆ ಭಾರತ ಸುಪ್ರೀಂ ಕೋರ್ಟ್ ತೀರ್ಪು ಕೂಡ ಹಲವಾರು ಪ್ರಕರಣಗಳಲ್ಲಿ ವ್ಯಕ್ತಿಯ ಘನತೆಯಿಂದ ಜೀವಿಸುವ ಹಕ್ಕು, ಉತ್ತಮ ಪರಿಸರದ ಹಕ್ಕು, ಖಾಸಗಿ ಹಕ್ಕು,ಹಾಗೂ ವಸತಿಯ ಹಕ್ಕುಗಳು 21ನೇ ವಿಧಿಯ ವ್ಯಾಪ್ತಿಯಲ್ಲಿ ಬರುತ್ತವೆ ಎಂದು ತೀರ್ಪು ನೀಡಿದೆ.

ಮುಂದುವರೆಯುವುದು......
